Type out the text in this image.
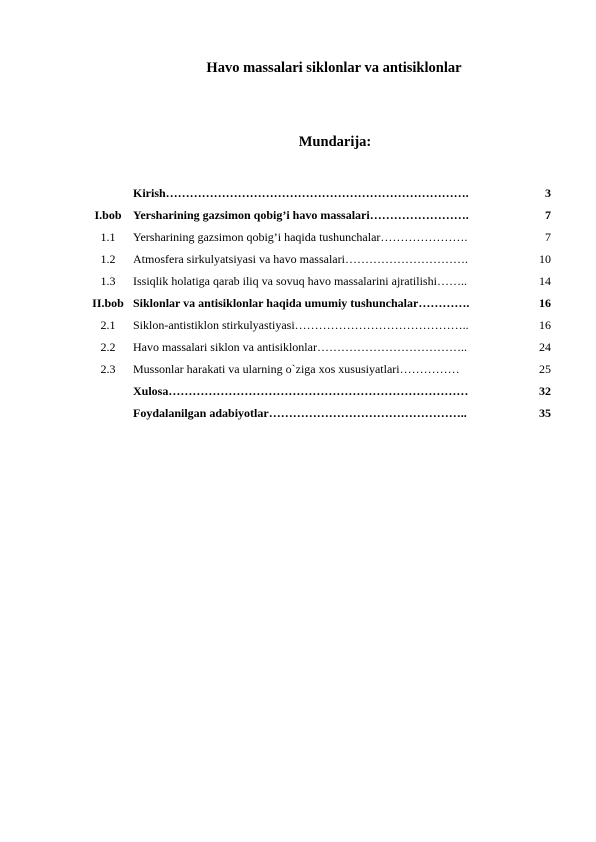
Havo massalari siklonlar va antisiklonlar
Mundarija:
Kirish………………………………………………………………….	3
I.bob Yersharining gazsimon qobig’i havo massalari…………………….	7
1.1	Yersharining gazsimon qobig’i haqida tushunchalar………………….	7
1.2	Atmosfera sirkulyatsiyasi va havo massalari………………………….	10
1.3	Issiqlik holatiga qarab iliq va sovuq havo massalarini ajratilishi……..	14
II.bob Siklonlar va antisiklonlar haqida umumiy tushunchalar………….	16
2.1	Siklon-antistiklon stirkulyastiyasi……………………………………..	16
2.2	Havo massalari siklon va antisiklonlar………………………………..	24
2.3	Mussonlar harakati va ularning o`ziga xos xususiyatlari……………	25
Xulosa…………………………………………………………………	32
Foydalanilgan adabiyotlar…………………………………………..	35
